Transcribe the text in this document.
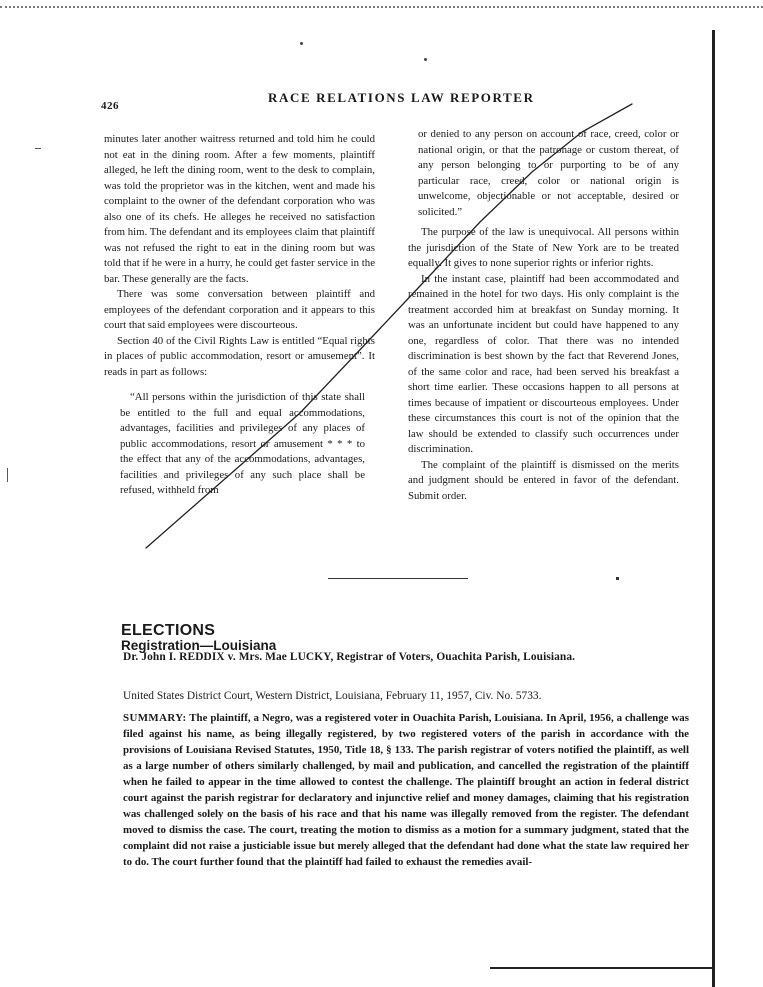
426
RACE RELATIONS LAW REPORTER

minutes later another waitress returned and told him he could not eat in the dining room. After a few moments, plaintiff alleged, he left the dining room, went to the desk to complain, was told the proprietor was in the kitchen, went and made his complaint to the owner of the defendant corporation who was also one of its chefs. He alleges he received no satisfaction from him. The defendant and its employees claim that plaintiff was not refused the right to eat in the dining room but was told that if he were in a hurry, he could get faster service in the bar. These generally are the facts.

There was some conversation between plaintiff and employees of the defendant corporation and it appears to this court that said employees were discourteous.

Section 40 of the Civil Rights Law is entitled “Equal rights in places of public accommodation, resort or amusement”. It reads in part as follows:

“All persons within the jurisdiction of this state shall be entitled to the full and equal accommodations, advantages, facilities and privileges of any places of public accommodations, resort or amusement * * * to the effect that any of the accommodations, advantages, facilities and privileges of any such place shall be refused, withheld from

or denied to any person on account of race, creed, color or national origin, or that the patronage or custom thereat, of any person belonging to or purporting to be of any particular race, creed, color or national origin is unwelcome, objectionable or not acceptable, desired or solicited.”

The purpose of the law is unequivocal. All persons within the jurisdiction of the State of New York are to be treated equally. It gives to none superior rights or inferior rights.

In the instant case, plaintiff had been accommodated and remained in the hotel for two days. His only complaint is the treatment accorded him at breakfast on Sunday morning. It was an unfortunate incident but could have happened to any one, regardless of color. That there was no intended discrimination is best shown by the fact that Reverend Jones, of the same color and race, had been served his breakfast a short time earlier. These occasions happen to all persons at times because of impatient or discourteous employees. Under these circumstances this court is not of the opinion that the law should be extended to classify such occurrences under discrimination.

The complaint of the plaintiff is dismissed on the merits and judgment should be entered in favor of the defendant. Submit order.

ELECTIONS
Registration—Louisiana
Dr. John I. REDDIX v. Mrs. Mae LUCKY, Registrar of Voters, Ouachita Parish, Louisiana.
United States District Court, Western District, Louisiana, February 11, 1957, Civ. No. 5733.
SUMMARY: The plaintiff, a Negro, was a registered voter in Ouachita Parish, Louisiana. In April, 1956, a challenge was filed against his name, as being illegally registered, by two registered voters of the parish in accordance with the provisions of Louisiana Revised Statutes, 1950, Title 18, § 133. The parish registrar of voters notified the plaintiff, as well as a large number of others similarly challenged, by mail and publication, and cancelled the registration of the plaintiff when he failed to appear in the time allowed to contest the challenge. The plaintiff brought an action in federal district court against the parish registrar for declaratory and injunctive relief and money damages, claiming that his registration was challenged solely on the basis of his race and that his name was illegally removed from the register. The defendant moved to dismiss the case. The court, treating the motion to dismiss as a motion for a summary judgment, stated that the complaint did not raise a justiciable issue but merely alleged that the defendant had done what the state law required her to do. The court further found that the plaintiff had failed to exhaust the remedies avail-
